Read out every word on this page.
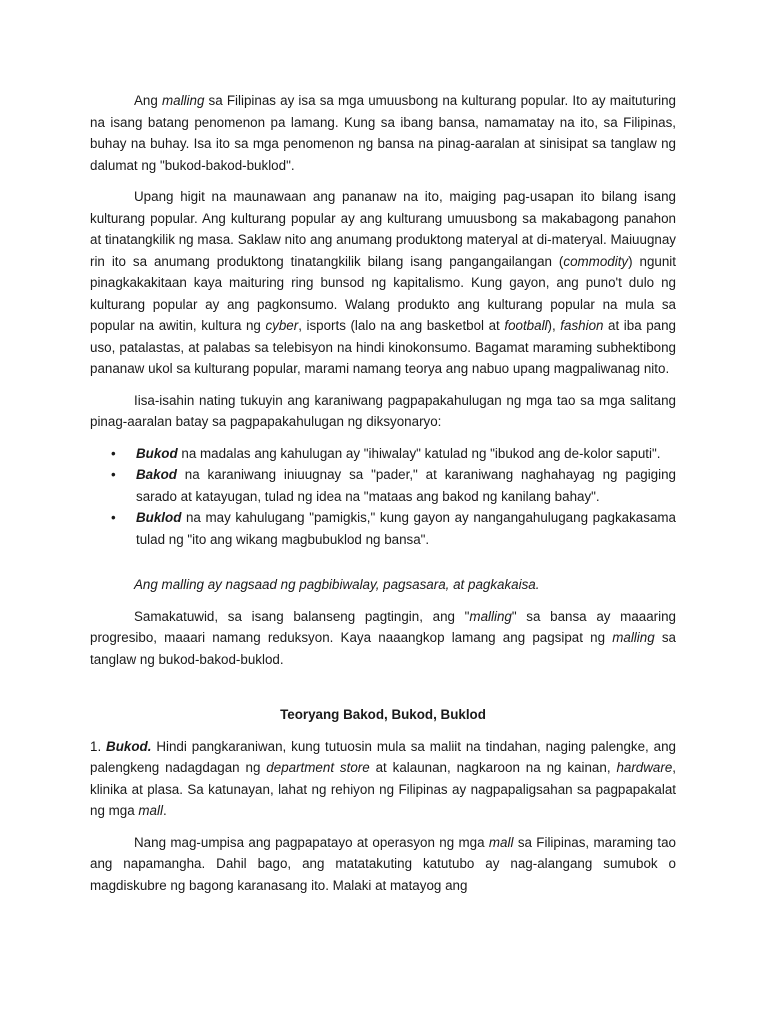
Ang malling sa Filipinas ay isa sa mga umuusbong na kulturang popular. Ito ay maituturing na isang batang penomenon pa lamang. Kung sa ibang bansa, namamatay na ito, sa Filipinas, buhay na buhay. Isa ito sa mga penomenon ng bansa na pinag-aaralan at sinisipat sa tanglaw ng dalumat ng "bukod-bakod-buklod".

Upang higit na maunawaan ang pananaw na ito, maiging pag-usapan ito bilang isang kulturang popular. Ang kulturang popular ay ang kulturang umuusbong sa makabagong panahon at tinatangkilik ng masa. Saklaw nito ang anumang produktong materyal at di-materyal. Maiuugnay rin ito sa anumang produktong tinatangkilik bilang isang pangangailangan (commodity) ngunit pinagkakakitaan kaya maituring ring bunsod ng kapitalismo. Kung gayon, ang puno't dulo ng kulturang popular ay ang pagkonsumo. Walang produkto ang kulturang popular na mula sa popular na awitin, kultura ng cyber, isports (lalo na ang basketbol at football), fashion at iba pang uso, patalastas, at palabas sa telebisyon na hindi kinokonsumo. Bagamat maraming subhektibong pananaw ukol sa kulturang popular, marami namang teorya ang nabuo upang magpaliwanag nito.

Iisa-isahin nating tukuyin ang karaniwang pagpapakahulugan ng mga tao sa mga salitang pinag-aaralan batay sa pagpapakahulugan ng diksyonaryo:

• Bukod na madalas ang kahulugan ay "ihiwalay" katulad ng "ibukod ang de-kolor saputi".
• Bakod na karaniwang iniuugnay sa "pader," at karaniwang naghahayag ng pagiging sarado at katayugan, tulad ng idea na "mataas ang bakod ng kanilang bahay".
• Buklod na may kahulugang "pamigkis," kung gayon ay nangangahulugang pagkakasama tulad ng "ito ang wikang magbubuklod ng bansa".

Ang malling ay nagsaad ng pagbibiwalay, pagsasara, at pagkakaisa.

Samakatuwid, sa isang balanseng pagtingin, ang "malling" sa bansa ay maaaring progresibo, maaari namang reduksyon. Kaya naaangkop lamang ang pagsipat ng malling sa tanglaw ng bukod-bakod-buklod.

Teoryang Bakod, Bukod, Buklod

1. Bukod. Hindi pangkaraniwan, kung tutuosin mula sa maliit na tindahan, naging palengke, ang palengkeng nadagdagan ng department store at kalaunan, nagkaroon na ng kainan, hardware, klinika at plasa. Sa katunayan, lahat ng rehiyon ng Filipinas ay nagpapaligsahan sa pagpapakalat ng mga mall.

Nang mag-umpisa ang pagpapatayo at operasyon ng mga mall sa Filipinas, maraming tao ang napamangha. Dahil bago, ang matatakuting katutubo ay nag-alangang sumubok o magdiskubre ng bagong karanasang ito. Malaki at matayog ang
